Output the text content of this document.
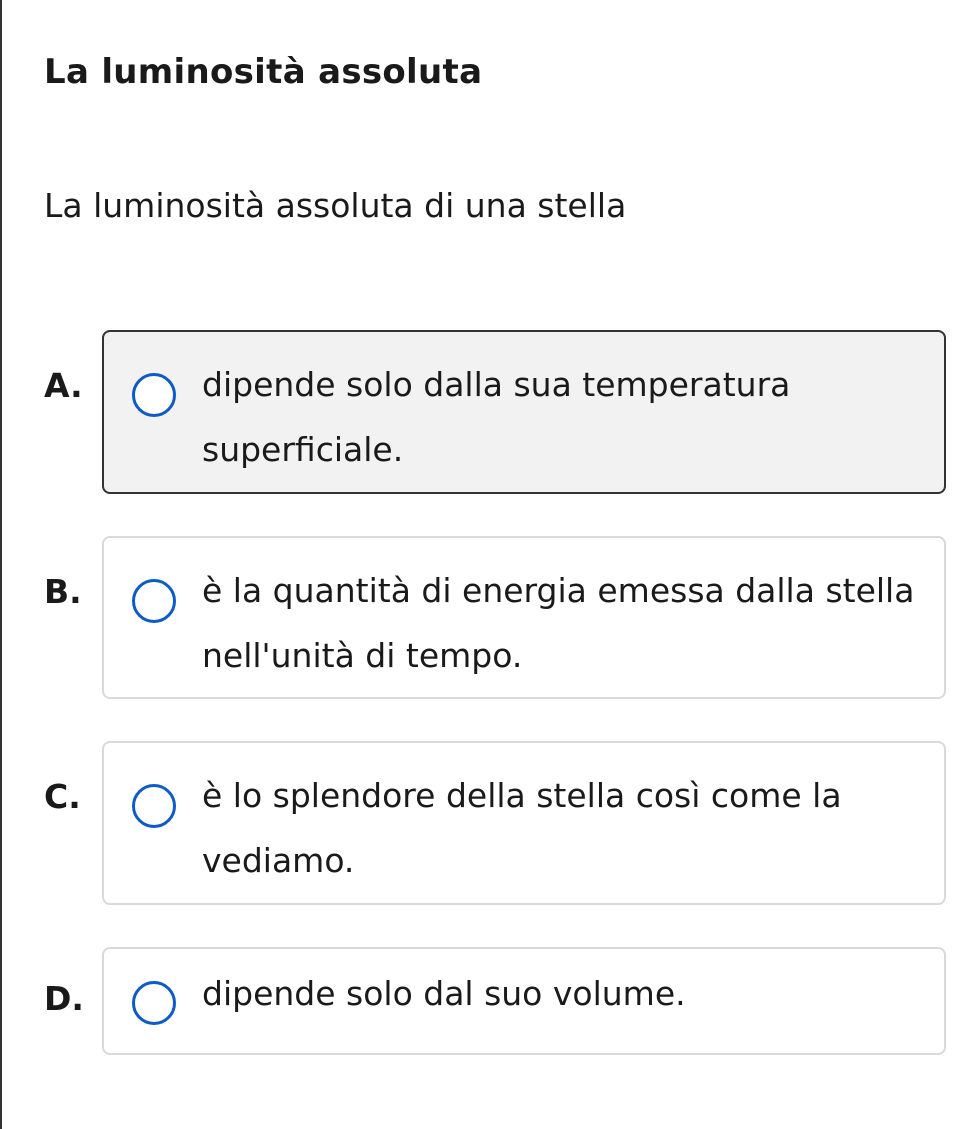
La luminosità assoluta
La luminosità assoluta di una stella
A.	dipende solo dalla sua temperatura superficiale.
B.	è la quantità di energia emessa dalla stella nell'unità di tempo.
C.	è lo splendore della stella così come la vediamo.
D.	dipende solo dal suo volume.
